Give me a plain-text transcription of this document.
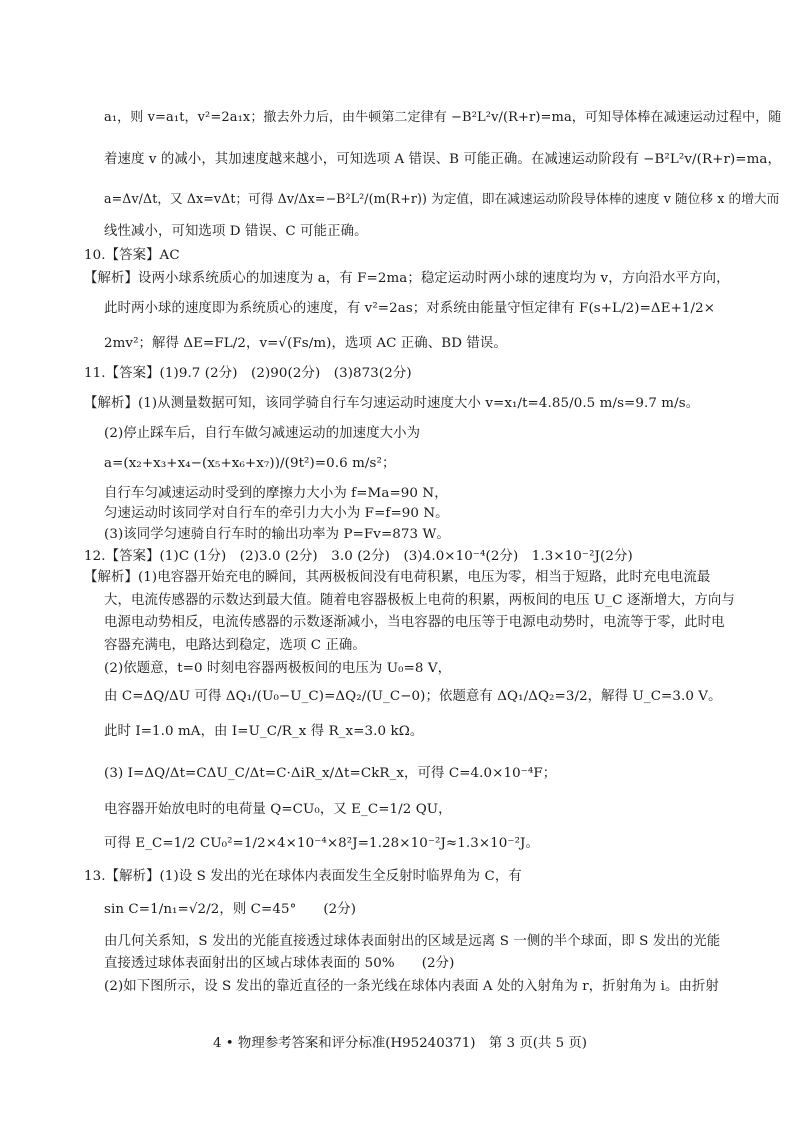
a₁，则 v=a₁t，v²=2a₁x；撤去外力后，由牛顿第二定律有 −B²L²v/(R+r)=ma，可知导体棒在减速运动过程中，随
着速度 v 的减小，其加速度越来越小，可知选项 A 错误、B 可能正确。在减速运动阶段有 −B²L²v/(R+r)=ma，
a=Δv/Δt，又 Δx=vΔt；可得 Δv/Δx=−B²L²/(m(R+r)) 为定值，即在减速运动阶段导体棒的速度 v 随位移 x 的增大而
线性减小，可知选项 D 错误、C 可能正确。
10.【答案】AC
【解析】设两小球系统质心的加速度为 a，有 F=2ma；稳定运动时两小球的速度均为 v，方向沿水平方向，
此时两小球的速度即为系统质心的速度，有 v²=2as；对系统由能量守恒定律有 F(s+L/2)=ΔE+1/2×
2mv²；解得 ΔE=FL/2，v=√(Fs/m)，选项 AC 正确、BD 错误。
11.【答案】(1)9.7 (2分)　(2)90(2分)　(3)873(2分)
【解析】(1)从测量数据可知，该同学骑自行车匀速运动时速度大小 v=x₁/t=4.85/0.5 m/s=9.7 m/s。
(2)停止踩车后，自行车做匀减速运动的加速度大小为
a=(x₂+x₃+x₄−(x₅+x₆+x₇))/(9t²)=0.6 m/s²；
自行车匀减速运动时受到的摩擦力大小为 f=Ma=90 N，
匀速运动时该同学对自行车的牵引力大小为 F=f=90 N。
(3)该同学匀速骑自行车时的输出功率为 P=Fv=873 W。
12.【答案】(1)C (1分)　(2)3.0 (2分)　3.0 (2分)　(3)4.0×10⁻⁴(2分)　1.3×10⁻²J(2分)
【解析】(1)电容器开始充电的瞬间，其两极板间没有电荷积累，电压为零，相当于短路，此时充电电流最
大，电流传感器的示数达到最大值。随着电容器极板上电荷的积累，两板间的电压 U_C 逐渐增大，方向与
电源电动势相反，电流传感器的示数逐渐减小，当电容器的电压等于电源电动势时，电流等于零，此时电
容器充满电，电路达到稳定，选项 C 正确。
(2)依题意，t=0 时刻电容器两极板间的电压为 U₀=8 V，
由 C=ΔQ/ΔU 可得 ΔQ₁/(U₀−U_C)=ΔQ₂/(U_C−0)；依题意有 ΔQ₁/ΔQ₂=3/2，解得 U_C=3.0 V。
此时 I=1.0 mA，由 I=U_C/R_x 得 R_x=3.0 kΩ。
(3) I=ΔQ/Δt=CΔU_C/Δt=C·ΔiR_x/Δt=CkR_x，可得 C=4.0×10⁻⁴F；
电容器开始放电时的电荷量 Q=CU₀，又 E_C=1/2 QU，
可得 E_C=1/2 CU₀²=1/2×4×10⁻⁴×8²J=1.28×10⁻²J≈1.3×10⁻²J。
13.【解析】(1)设 S 发出的光在球体内表面发生全反射时临界角为 C，有
sin C=1/n₁=√2/2，则 C=45°　　(2分)
由几何关系知，S 发出的光能直接透过球体表面射出的区域是远离 S 一侧的半个球面，即 S 发出的光能
直接透过球体表面射出的区域占球体表面的 50%　　(2分)
(2)如下图所示，设 S 发出的靠近直径的一条光线在球体内表面 A 处的入射角为 r，折射角为 i。由折射
4 • 物理参考答案和评分标准(H95240371)　第 3 页(共 5 页)
